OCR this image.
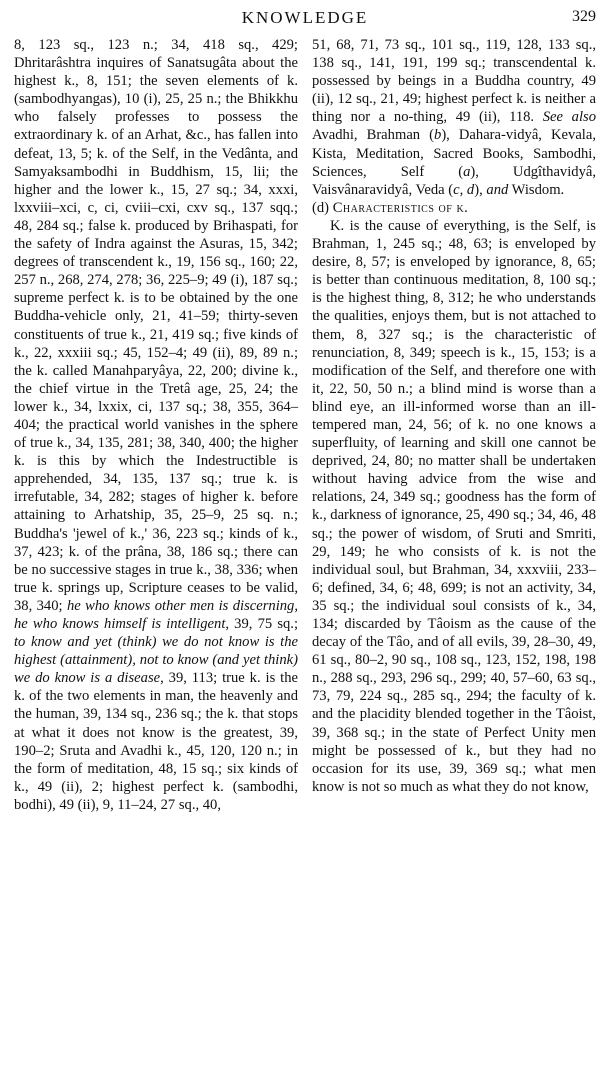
KNOWLEDGE	329

8, 123 sq., 123 n.; 34, 418 sq., 429; Dhritarâshtra inquires of Sanatsugâta about the highest k., 8, 151; the seven elements of k. (sambodhyangas), 10 (i), 25, 25 n.; the Bhikkhu who falsely professes to possess the extraordinary k. of an Arhat, &c., has fallen into defeat, 13, 5; k. of the Self, in the Vedânta, and Samyaksambodhi in Buddhism, 15, lii; the higher and the lower k., 15, 27 sq.; 34, xxxi, lxxviii–xci, c, ci, cviii–cxi, cxv sq., 137 sqq.; 48, 284 sq.; false k. produced by Brihaspati, for the safety of Indra against the Asuras, 15, 342; degrees of transcendent k., 19, 156 sq., 160; 22, 257 n., 268, 274, 278; 36, 225–9; 49 (i), 187 sq.; supreme perfect k. is to be obtained by the one Buddha-vehicle only, 21, 41–59; thirty-seven constituents of true k., 21, 419 sq.; five kinds of k., 22, xxxiii sq.; 45, 152–4; 49 (ii), 89, 89 n.; the k. called Manahparyâya, 22, 200; divine k., the chief virtue in the Tretâ age, 25, 24; the lower k., 34, lxxix, ci, 137 sq.; 38, 355, 364–404; the practical world vanishes in the sphere of true k., 34, 135, 281; 38, 340, 400; the higher k. is this by which the Indestructible is apprehended, 34, 135, 137 sq.; true k. is irrefutable, 34, 282; stages of higher k. before attaining to Arhatship, 35, 25–9, 25 sq. n.; Buddha's 'jewel of k.,' 36, 223 sq.; kinds of k., 37, 423; k. of the prâna, 38, 186 sq.; there can be no successive stages in true k., 38, 336; when true k. springs up, Scripture ceases to be valid, 38, 340; he who knows other men is discerning, he who knows himself is intelligent, 39, 75 sq.; to know and yet (think) we do not know is the highest (attainment), not to know (and yet think) we do know is a disease, 39, 113; true k. is the k. of the two elements in man, the heavenly and the human, 39, 134 sq., 236 sq.; the k. that stops at what it does not know is the greatest, 39, 190–2; Sruta and Avadhi k., 45, 120, 120 n.; in the form of meditation, 48, 15 sq.; six kinds of k., 49 (ii), 2; highest perfect k. (sambodhi, bodhi), 49 (ii), 9, 11–24, 27 sq., 40,

51, 68, 71, 73 sq., 101 sq., 119, 128, 133 sq., 138 sq., 141, 191, 199 sq.; transcendental k. possessed by beings in a Buddha country, 49 (ii), 12 sq., 21, 49; highest perfect k. is neither a thing nor a no-thing, 49 (ii), 118. See also Avadhi, Brahman (b), Dahara-vidyâ, Kevala, Kista, Meditation, Sacred Books, Sambodhi, Sciences, Self (a), Udgîthavidyâ, Vaisvânaravidyâ, Veda (c, d), and Wisdom.

(d) Characteristics of k.

K. is the cause of everything, is the Self, is Brahman, 1, 245 sq.; 48, 63; is enveloped by desire, 8, 57; is enveloped by ignorance, 8, 65; is better than continuous meditation, 8, 100 sq.; is the highest thing, 8, 312; he who understands the qualities, enjoys them, but is not attached to them, 8, 327 sq.; is the characteristic of renunciation, 8, 349; speech is k., 15, 153; is a modification of the Self, and therefore one with it, 22, 50, 50 n.; a blind mind is worse than a blind eye, an ill-informed worse than an ill-tempered man, 24, 56; of k. no one knows a superfluity, of learning and skill one cannot be deprived, 24, 80; no matter shall be undertaken without having advice from the wise and relations, 24, 349 sq.; goodness has the form of k., darkness of ignorance, 25, 490 sq.; 34, 46, 48 sq.; the power of wisdom, of Sruti and Smriti, 29, 149; he who consists of k. is not the individual soul, but Brahman, 34, xxxviii, 233–6; defined, 34, 6; 48, 699; is not an activity, 34, 35 sq.; the individual soul consists of k., 34, 134; discarded by Tâoism as the cause of the decay of the Tâo, and of all evils, 39, 28–30, 49, 61 sq., 80–2, 90 sq., 108 sq., 123, 152, 198, 198 n., 288 sq., 293, 296 sq., 299; 40, 57–60, 63 sq., 73, 79, 224 sq., 285 sq., 294; the faculty of k. and the placidity blended together in the Tâoist, 39, 368 sq.; in the state of Perfect Unity men might be possessed of k., but they had no occasion for its use, 39, 369 sq.; what men know is not so much as what they do not know,
